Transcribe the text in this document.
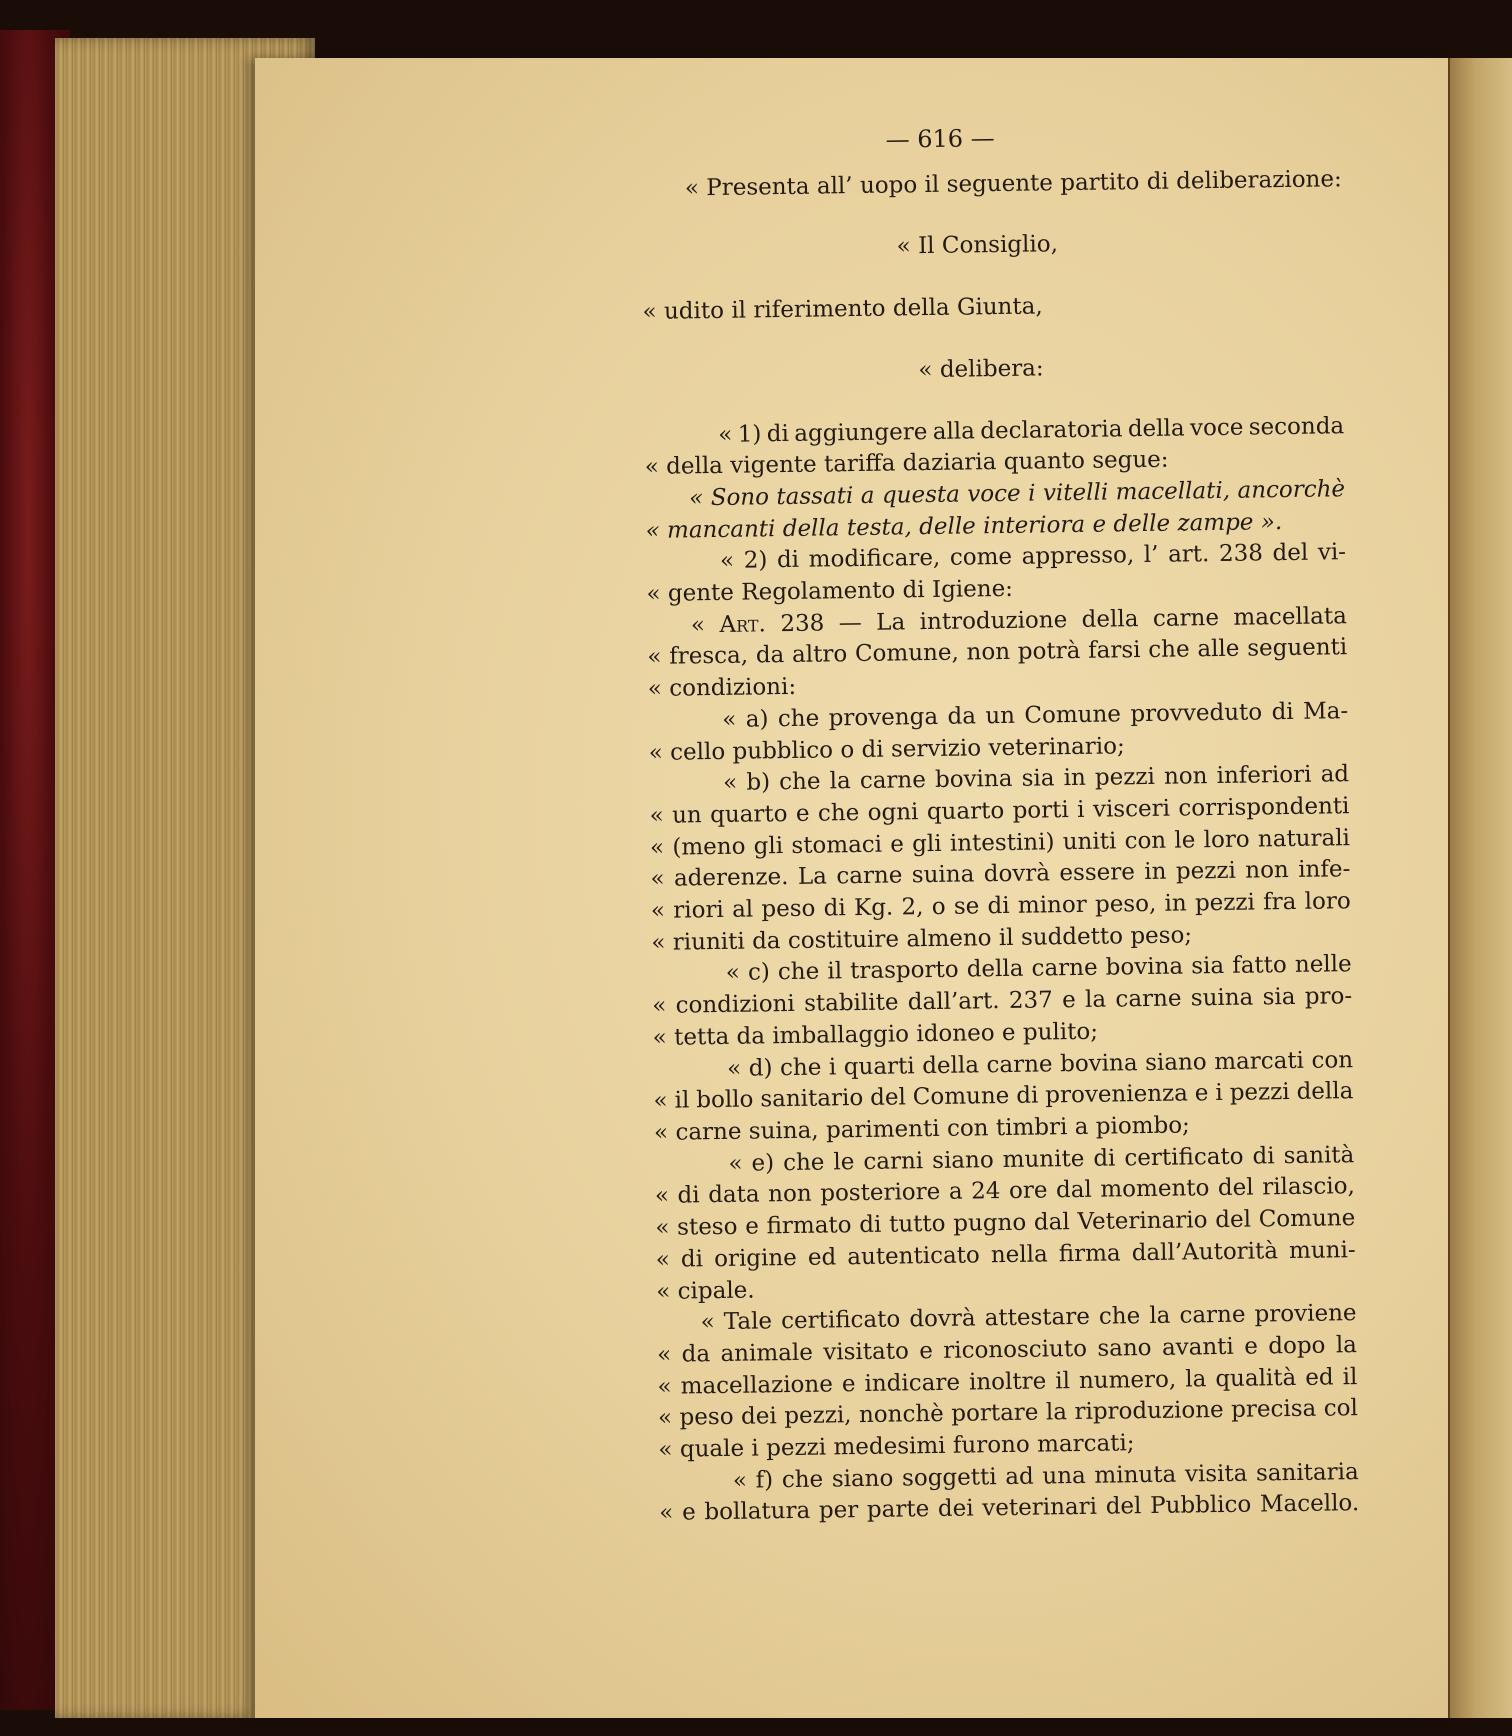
— 616 —
« Presenta all’ uopo il seguente partito di deliberazione:
« Il Consiglio,
« udito il riferimento della Giunta,
« delibera:
« 1) di aggiungere alla declaratoria della voce seconda
« della vigente tariffa daziaria quanto segue:
« Sono tassati a questa voce i vitelli macellati, ancorchè
« mancanti della testa, delle interiora e delle zampe ».
« 2) di modificare, come appresso, l’ art. 238 del vi-
« gente Regolamento di Igiene:
« Art. 238 — La introduzione della carne macellata
« fresca, da altro Comune, non potrà farsi che alle seguenti
« condizioni:
« a) che provenga da un Comune provveduto di Ma-
« cello pubblico o di servizio veterinario;
« b) che la carne bovina sia in pezzi non inferiori ad
« un quarto e che ogni quarto porti i visceri corrispondenti
« (meno gli stomaci e gli intestini) uniti con le loro naturali
« aderenze. La carne suina dovrà essere in pezzi non infe-
« riori al peso di Kg. 2, o se di minor peso, in pezzi fra loro
« riuniti da costituire almeno il suddetto peso;
« c) che il trasporto della carne bovina sia fatto nelle
« condizioni stabilite dall’art. 237 e la carne suina sia pro-
« tetta da imballaggio idoneo e pulito;
« d) che i quarti della carne bovina siano marcati con
« il bollo sanitario del Comune di provenienza e i pezzi della
« carne suina, parimenti con timbri a piombo;
« e) che le carni siano munite di certificato di sanità
« di data non posteriore a 24 ore dal momento del rilascio,
« steso e firmato di tutto pugno dal Veterinario del Comune
« di origine ed autenticato nella firma dall’Autorità muni-
« cipale.
« Tale certificato dovrà attestare che la carne proviene
« da animale visitato e riconosciuto sano avanti e dopo la
« macellazione e indicare inoltre il numero, la qualità ed il
« peso dei pezzi, nonchè portare la riproduzione precisa col
« quale i pezzi medesimi furono marcati;
« f) che siano soggetti ad una minuta visita sanitaria
« e bollatura per parte dei veterinari del Pubblico Macello.
